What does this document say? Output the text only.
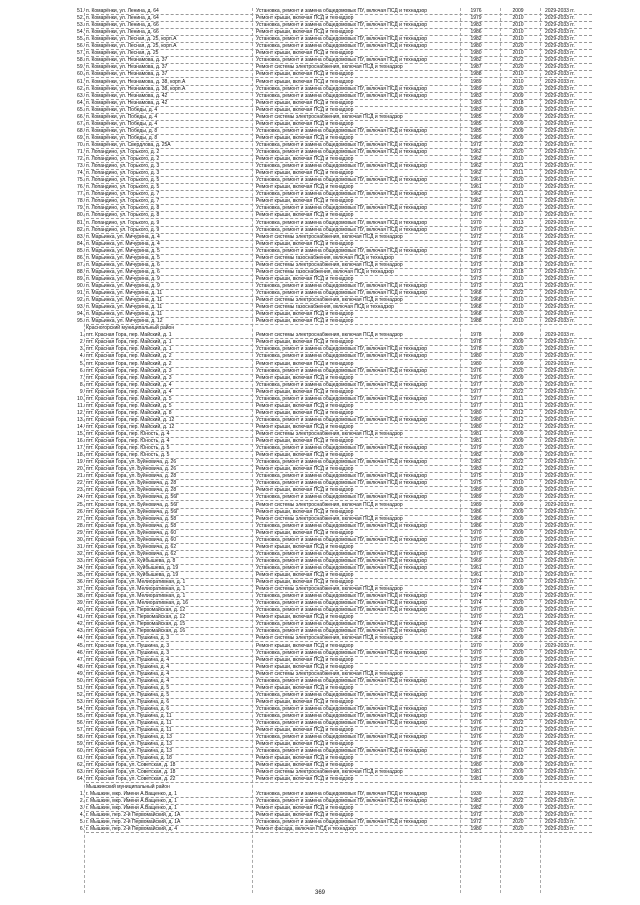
51. п. Комарёнки, ул. Ленина, д. 64	Установка, ремонт и замена общедомовых ПУ, включая ПСД и технадзор	1976	2009	2029-2033 гг.
52. п. Комарёнки, ул. Ленина, д. 64	Ремонт крыши, включая ПСД и технадзор	1979	2010	2029-2033 гг.
53. п. Комарёнки, ул. Ленина, д. 66	Установка, ремонт и замена общедомовых ПУ, включая ПСД и технадзор	1983	2010	2029-2033 гг.
54. п. Комарёнки, ул. Ленина, д. 66	Ремонт крыши, включая ПСД и технадзор	1986	2010	2029-2033 гг.
55. п. Комарёнки, ул. Лесная, д. 25, корп.А	Установка, ремонт и замена общедомовых ПУ, включая ПСД и технадзор	1982	2010	2029-2033 гг.
56. п. Комарёнки, ул. Лесная, д. 25, корп.А	Установка, ремонт и замена общедомовых ПУ, включая ПСД и технадзор	1980	2020	2029-2033 гг.
57. п. Комарёнки, ул. Лесная, д. 25	Ремонт крыши, включая ПСД и технадзор	1980	2010	2029-2033 гг.
58. п. Комарёнки, ул. Незнамова, д. 37	Установка, ремонт и замена общедомовых ПУ, включая ПСД и технадзор	1982	2022	2029-2033 гг.
59. п. Комарёнки, ул. Незнамова, д. 37	Ремонт системы электроснабжения, включая ПСД и технадзор	1987	2020	2029-2033 гг.
60. п. Комарёнки, ул. Незнамова, д. 37	Ремонт крыши, включая ПСД и технадзор	1988	2010	2029-2033 гг.
61. п. Комарёнки, ул. Незнамова, д. 38, корп.А	Ремонт крыши, включая ПСД и технадзор	1989	2010	2029-2033 гг.
62. п. Комарёнки, ул. Незнамова, д. 38, корп.А	Установка, ремонт и замена общедомовых ПУ, включая ПСД и технадзор	1989	2020	2029-2033 гг.
63. п. Комарёнки, ул. Незнамова, д. 42	Установка, ремонт и замена общедомовых ПУ, включая ПСД и технадзор	1983	2009	2029-2033 гг.
64. п. Комарёнки, ул. Незнамова, д. 42	Ремонт крыши, включая ПСД и технадзор	1983	2018	2029-2033 гг.
65. п. Комарёнки, ул. Победы, д. 4	Ремонт крыши, включая ПСД и технадзор	1983	2009	2029-2033 гг.
66. п. Комарёнки, ул. Победы, д. 4	Ремонт системы электроснабжения, включая ПСД и технадзор	1985	2009	2029-2033 гг.
67. п. Комарёнки, ул. Победы, д. 4	Ремонт крыши, включая ПСД и технадзор	1985	2009	2029-2033 гг.
68. п. Комарёнки, ул. Победы, д. 8	Установка, ремонт и замена общедомовых ПУ, включая ПСД и технадзор	1985	2009	2029-2033 гг.
69. п. Комарёнки, ул. Победы, д. 8	Ремонт крыши, включая ПСД и технадзор	1986	2009	2029-2033 гг.
70. п. Комарёнки, ул. Свердлова, д. 25А	Установка, ремонт и замена общедомовых ПУ, включая ПСД и технадзор	1972	2022	2029-2033 гг.
71. п. Лопандино, ул. Горького, д. 2	Установка, ремонт и замена общедомовых ПУ, включая ПСД и технадзор	1962	2020	2029-2033 гг.
72. п. Лопандино, ул. Горького, д. 2	Ремонт крыши, включая ПСД и технадзор	1962	2010	2029-2033 гг.
73. п. Лопандино, ул. Горького, д. 3	Установка, ремонт и замена общедомовых ПУ, включая ПСД и технадзор	1962	2021	2029-2033 гг.
74. п. Лопандино, ул. Горького, д. 3	Ремонт крыши, включая ПСД и технадзор	1962	2011	2029-2033 гг.
75. п. Лопандино, ул. Горького, д. 5	Установка, ремонт и замена общедомовых ПУ, включая ПСД и технадзор	1961	2020	2029-2033 гг.
76. п. Лопандино, ул. Горького, д. 5	Ремонт крыши, включая ПСД и технадзор	1961	2010	2029-2033 гг.
77. п. Лопандино, ул. Горького, д. 7	Установка, ремонт и замена общедомовых ПУ, включая ПСД и технадзор	1962	2021	2029-2033 гг.
78. п. Лопандино, ул. Горького, д. 7	Ремонт крыши, включая ПСД и технадзор	1962	2011	2029-2033 гг.
79. п. Лопандино, ул. Горького, д. 8	Установка, ремонт и замена общедомовых ПУ, включая ПСД и технадзор	1970	2020	2029-2033 гг.
80. п. Лопандино, ул. Горького, д. 8	Ремонт крыши, включая ПСД и технадзор	1970	2010	2029-2033 гг.
81. п. Лопандино, ул. Горького, д. 9	Установка, ремонт и замена общедомовых ПУ, включая ПСД и технадзор	1970	2013	2029-2033 гг.
82. п. Лопандино, ул. Горького, д. 9	Установка, ремонт и замена общедомовых ПУ, включая ПСД и технадзор	1970	2022	2029-2033 гг.
83. п. Марьинка, ул. Мичурина, д. 4	Ремонт системы электроснабжения, включая ПСД и технадзор	1972	2016	2029-2033 гг.
84. п. Марьинка, ул. Мичурина, д. 4	Ремонт крыши, включая ПСД и технадзор	1972	2016	2029-2033 гг.
85. п. Марьинка, ул. Мичурина, д. 5	Установка, ремонт и замена общедомовых ПУ, включая ПСД и технадзор	1978	2018	2029-2033 гг.
86. п. Марьинка, ул. Мичурина, д. 5	Ремонт системы газоснабжения, включая ПСД и технадзор	1978	2018	2029-2033 гг.
87. п. Марьинка, ул. Мичурина, д. 6	Ремонт системы электроснабжения, включая ПСД и технадзор	1973	2018	2029-2033 гг.
88. п. Марьинка, ул. Мичурина, д. 6	Ремонт системы газоснабжения, включая ПСД и технадзор	1973	2018	2029-2033 гг.
89. п. Марьинка, ул. Мичурина, д. 9	Ремонт крыши, включая ПСД и технадзор	1973	2010	2029-2033 гг.
90. п. Марьинка, ул. Мичурина, д. 9	Установка, ремонт и замена общедомовых ПУ, включая ПСД и технадзор	1973	2021	2029-2033 гг.
91. п. Марьинка, ул. Мичурина, д. 11	Установка, ремонт и замена общедомовых ПУ, включая ПСД и технадзор	1968	2022	2029-2033 гг.
92. п. Марьинка, ул. Мичурина, д. 11	Ремонт системы электроснабжения, включая ПСД и технадзор	1968	2010	2029-2033 гг.
93. п. Марьинка, ул. Мичурина, д. 11	Ремонт системы газоснабжения, включая ПСД и технадзор	1968	2010	2029-2033 гг.
94. п. Марьинка, ул. Мичурина, д. 11	Ремонт крыши, включая ПСД и технадзор	1968	2020	2029-2033 гг.
95. п. Марьинка, ул. Мичурина, д. 12	Ремонт крыши, включая ПСД и технадзор	1988	2010	2029-2033 гг.
Красногорский муниципальный район
1. пгт. Красная Гора, пер. Майский, д. 1	Ремонт системы электроснабжения, включая ПСД и технадзор	1978	2009	2029-2033 гг.
2. пгт. Красная Гора, пер. Майский, д. 1	Ремонт крыши, включая ПСД и технадзор	1978	2009	2029-2033 гг.
3. пгт. Красная Гора, пер. Майский, д. 1	Установка, ремонт и замена общедомовых ПУ, включая ПСД и технадзор	1978	2020	2029-2033 гг.
4. пгт. Красная Гора, пер. Майский, д. 2	Установка, ремонт и замена общедомовых ПУ, включая ПСД и технадзор	1980	2020	2029-2033 гг.
5. пгт. Красная Гора, пер. Майский, д. 2	Ремонт крыши, включая ПСД и технадзор	1980	2009	2029-2033 гг.
6. пгт. Красная Гора, пер. Майский, д. 3	Установка, ремонт и замена общедомовых ПУ, включая ПСД и технадзор	1976	2020	2029-2033 гг.
7. пгт. Красная Гора, пер. Майский, д. 3	Ремонт крыши, включая ПСД и технадзор	1976	2009	2029-2033 гг.
8. пгт. Красная Гора, пер. Майский, д. 4	Установка, ремонт и замена общедомовых ПУ, включая ПСД и технадзор	1977	2020	2029-2033 гг.
9. пгт. Красная Гора, пер. Майский, д. 4	Ремонт крыши, включая ПСД и технадзор	1977	2022	2029-2033 гг.
10. пгт. Красная Гора, пер. Майский, д. 5	Установка, ремонт и замена общедомовых ПУ, включая ПСД и технадзор	1977	2011	2029-2033 гг.
11. пгт. Красная Гора, пер. Майский, д. 5	Ремонт крыши, включая ПСД и технадзор	1977	2011	2029-2033 гг.
12. пгт. Красная Гора, пер. Майский, д. 8	Ремонт крыши, включая ПСД и технадзор	1980	2012	2029-2033 гг.
13. пгт. Красная Гора, пер. Майский, д. 12	Установка, ремонт и замена общедомовых ПУ, включая ПСД и технадзор	1980	2012	2029-2033 гг.
14. пгт. Красная Гора, пер. Майский, д. 12	Ремонт крыши, включая ПСД и технадзор	1980	2012	2029-2033 гг.
15. пгт. Красная Гора, пер. Юность, д. 4	Ремонт системы электроснабжения, включая ПСД и технадзор	1981	2009	2029-2033 гг.
16. пгт. Красная Гора, пер. Юность, д. 4	Ремонт крыши, включая ПСД и технадзор	1981	2009	2029-2033 гг.
17. пгт. Красная Гора, пер. Юность, д. 5	Установка, ремонт и замена общедомовых ПУ, включая ПСД и технадзор	1979	2020	2029-2033 гг.
18. пгт. Красная Гора, пер. Юность, д. 5	Ремонт крыши, включая ПСД и технадзор	1982	2009	2029-2033 гг.
19. пгт. Красная Гора, ул. Буйновича, д. 26	Установка, ремонт и замена общедомовых ПУ, включая ПСД и технадзор	1982	2022	2029-2033 гг.
20. пгт. Красная Гора, ул. Буйновича, д. 26	Ремонт крыши, включая ПСД и технадзор	1983	2012	2029-2033 гг.
21. пгт. Красная Гора, ул. Буйновича, д. 28	Установка, ремонт и замена общедомовых ПУ, включая ПСД и технадзор	1975	2019	2029-2033 гг.
22. пгт. Красная Гора, ул. Буйновича, д. 28	Установка, ремонт и замена общедомовых ПУ, включая ПСД и технадзор	1975	2010	2029-2033 гг.
23. пгт. Красная Гора, ул. Буйновича, д. 28	Ремонт крыши, включая ПСД и технадзор	1989	2009	2029-2033 гг.
24. пгт. Красная Гора, ул. Буйновича, д. 56Г	Установка, ремонт и замена общедомовых ПУ, включая ПСД и технадзор	1989	2020	2029-2033 гг.
25. пгт. Красная Гора, ул. Буйновича, д. 56Г	Ремонт системы электроснабжения, включая ПСД и технадзор	1989	2009	2029-2033 гг.
26. пгт. Красная Гора, ул. Буйновича, д. 56Г	Ремонт крыши, включая ПСД и технадзор	1986	2009	2029-2033 гг.
27. пгт. Красная Гора, ул. Буйновича, д. 58	Ремонт системы электроснабжения, включая ПСД и технадзор	1986	2009	2029-2033 гг.
28. пгт. Красная Гора, ул. Буйновича, д. 58	Установка, ремонт и замена общедомовых ПУ, включая ПСД и технадзор	1986	2020	2029-2033 гг.
29. пгт. Красная Гора, ул. Буйновича, д. 60	Ремонт крыши, включая ПСД и технадзор	1970	2009	2029-2033 гг.
30. пгт. Красная Гора, ул. Буйновича, д. 60	Установка, ремонт и замена общедомовых ПУ, включая ПСД и технадзор	1970	2020	2029-2033 гг.
31. пгт. Красная Гора, ул. Буйновича, д. 62	Ремонт крыши, включая ПСД и технадзор	1970	2009	2029-2033 гг.
32. пгт. Красная Гора, ул. Буйновича, д. 62	Установка, ремонт и замена общедомовых ПУ, включая ПСД и технадзор	1970	2020	2029-2033 гг.
33. пгт. Красная Гора, ул. Куйбышева, д. 8	Установка, ремонт и замена общедомовых ПУ, включая ПСД и технадзор	1969	2013	2029-2033 гг.
34. пгт. Красная Гора, ул. Куйбышева, д. 19	Установка, ремонт и замена общедомовых ПУ, включая ПСД и технадзор	1961	2010	2029-2033 гг.
35. пгт. Красная Гора, ул. Куйбышева, д. 19	Ремонт крыши, включая ПСД и технадзор	1961	2010	2029-2033 гг.
36. пгт. Красная Гора, ул. Мелиоративная, д. 1	Ремонт крыши, включая ПСД и технадзор	1974	2009	2029-2033 гг.
37. пгт. Красная Гора, ул. Мелиоративная, д. 1	Ремонт системы электроснабжения, включая ПСД и технадзор	1974	2009	2029-2033 гг.
38. пгт. Красная Гора, ул. Мелиоративная, д. 1	Установка, ремонт и замена общедомовых ПУ, включая ПСД и технадзор	1974	2020	2029-2033 гг.
39. пгт. Красная Гора, ул. Мелиоративная, д. 16	Установка, ремонт и замена общедомовых ПУ, включая ПСД и технадзор	1974	2020	2029-2033 гг.
40. пгт. Красная Гора, ул. Первомайская, д. 12	Установка, ремонт и замена общедомовых ПУ, включая ПСД и технадзор	1970	2009	2029-2033 гг.
41. пгт. Красная Гора, ул. Первомайская, д. 12	Ремонт крыши, включая ПСД и технадзор	1970	2021	2029-2033 гг.
42. пгт. Красная Гора, ул. Первомайская, д. 15	Установка, ремонт и замена общедомовых ПУ, включая ПСД и технадзор	1974	2020	2029-2033 гг.
43. пгт. Красная Гора, ул. Первомайская, д. 16	Установка, ремонт и замена общедомовых ПУ, включая ПСД и технадзор	1974	2020	2029-2033 гг.
44. пгт. Красная Гора, ул. Пушкина, д. 3	Ремонт системы электроснабжения, включая ПСД и технадзор	1968	2009	2029-2033 гг.
45. пгт. Красная Гора, ул. Пушкина, д. 3	Ремонт крыши, включая ПСД и технадзор	1970	2009	2029-2033 гг.
46. пгт. Красная Гора, ул. Пушкина, д. 3	Установка, ремонт и замена общедомовых ПУ, включая ПСД и технадзор	1970	2020	2029-2033 гг.
47. пгт. Красная Гора, ул. Пушкина, д. 4	Ремонт крыши, включая ПСД и технадзор	1973	2009	2029-2033 гг.
48. пгт. Красная Гора, ул. Пушкина, д. 4	Ремонт крыши, включая ПСД и технадзор	1973	2009	2029-2033 гг.
49. пгт. Красная Гора, ул. Пушкина, д. 4	Ремонт системы электроснабжения, включая ПСД и технадзор	1973	2009	2029-2033 гг.
50. пгт. Красная Гора, ул. Пушкина, д. 4	Установка, ремонт и замена общедомовых ПУ, включая ПСД и технадзор	1973	2020	2029-2033 гг.
51. пгт. Красная Гора, ул. Пушкина, д. 5	Ремонт крыши, включая ПСД и технадзор	1976	2009	2029-2033 гг.
52. пгт. Красная Гора, ул. Пушкина, д. 5	Установка, ремонт и замена общедомовых ПУ, включая ПСД и технадзор	1976	2020	2029-2033 гг.
53. пгт. Красная Гора, ул. Пушкина, д. 6	Ремонт крыши, включая ПСД и технадзор	1973	2009	2029-2033 гг.
54. пгт. Красная Гора, ул. Пушкина, д. 6	Установка, ремонт и замена общедомовых ПУ, включая ПСД и технадзор	1973	2020	2029-2033 гг.
55. пгт. Красная Гора, ул. Пушкина, д. 11	Установка, ремонт и замена общедомовых ПУ, включая ПСД и технадзор	1976	2020	2029-2033 гг.
56. пгт. Красная Гора, ул. Пушкина, д. 11	Установка, ремонт и замена общедомовых ПУ, включая ПСД и технадзор	1976	2022	2029-2033 гг.
57. пгт. Красная Гора, ул. Пушкина, д. 11	Ремонт крыши, включая ПСД и технадзор	1976	2012	2029-2033 гг.
58. пгт. Красная Гора, ул. Пушкина, д. 13	Установка, ремонт и замена общедомовых ПУ, включая ПСД и технадзор	1976	2020	2029-2033 гг.
59. пгт. Красная Гора, ул. Пушкина, д. 13	Ремонт крыши, включая ПСД и технадзор	1976	2012	2029-2033 гг.
60. пгт. Красная Гора, ул. Пушкина, д. 13	Установка, ремонт и замена общедомовых ПУ, включая ПСД и технадзор	1976	2010	2029-2033 гг.
61. пгт. Красная Гора, ул. Пушкина, д. 18	Ремонт крыши, включая ПСД и технадзор	1978	2012	2029-2033 гг.
62. пгт. Красная Гора, ул. Советская, д. 18	Ремонт крыши, включая ПСД и технадзор	1980	2009	2029-2033 гг.
63. пгт. Красная Гора, ул. Советская, д. 18	Ремонт системы электроснабжения, включая ПСД и технадзор	1981	2009	2029-2033 гг.
64. пгт. Красная Гора, ул. Советская, д. 22	Ремонт крыши, включая ПСД и технадзор	1981	2009	2029-2033 гг.
Мышкинский муниципальный район
1. г. Мышкин, мкр. Имени А.Ващенко, д. 1	Установка, ремонт и замена общедомовых ПУ, включая ПСД и технадзор	1930	2022	2029-2033 гг.
2. г. Мышкин, мкр. Имени А.Ващенко, д. 1	Установка, ремонт и замена общедомовых ПУ, включая ПСД и технадзор	1982	2022	2029-2033 гг.
3. г. Мышкин, мкр. Имени А.Ващенко, д. 1	Ремонт крыши, включая ПСД и технадзор	1982	2009	2029-2033 гг.
4. г. Мышкин, пер. 2-й Первомайский, д. 1А	Ремонт крыши, включая ПСД и технадзор	1972	2020	2029-2033 гг.
5. г. Мышкин, пер. 2-й Первомайский, д. 1А	Установка, ремонт и замена общедомовых ПУ, включая ПСД и технадзор	1972	2020	2029-2033 гг.
6. г. Мышкин, пер. 2-й Первомайский, д. 4	Ремонт фасада, включая ПСД и технадзор	1980	2020	2029-2033 гг.
369
